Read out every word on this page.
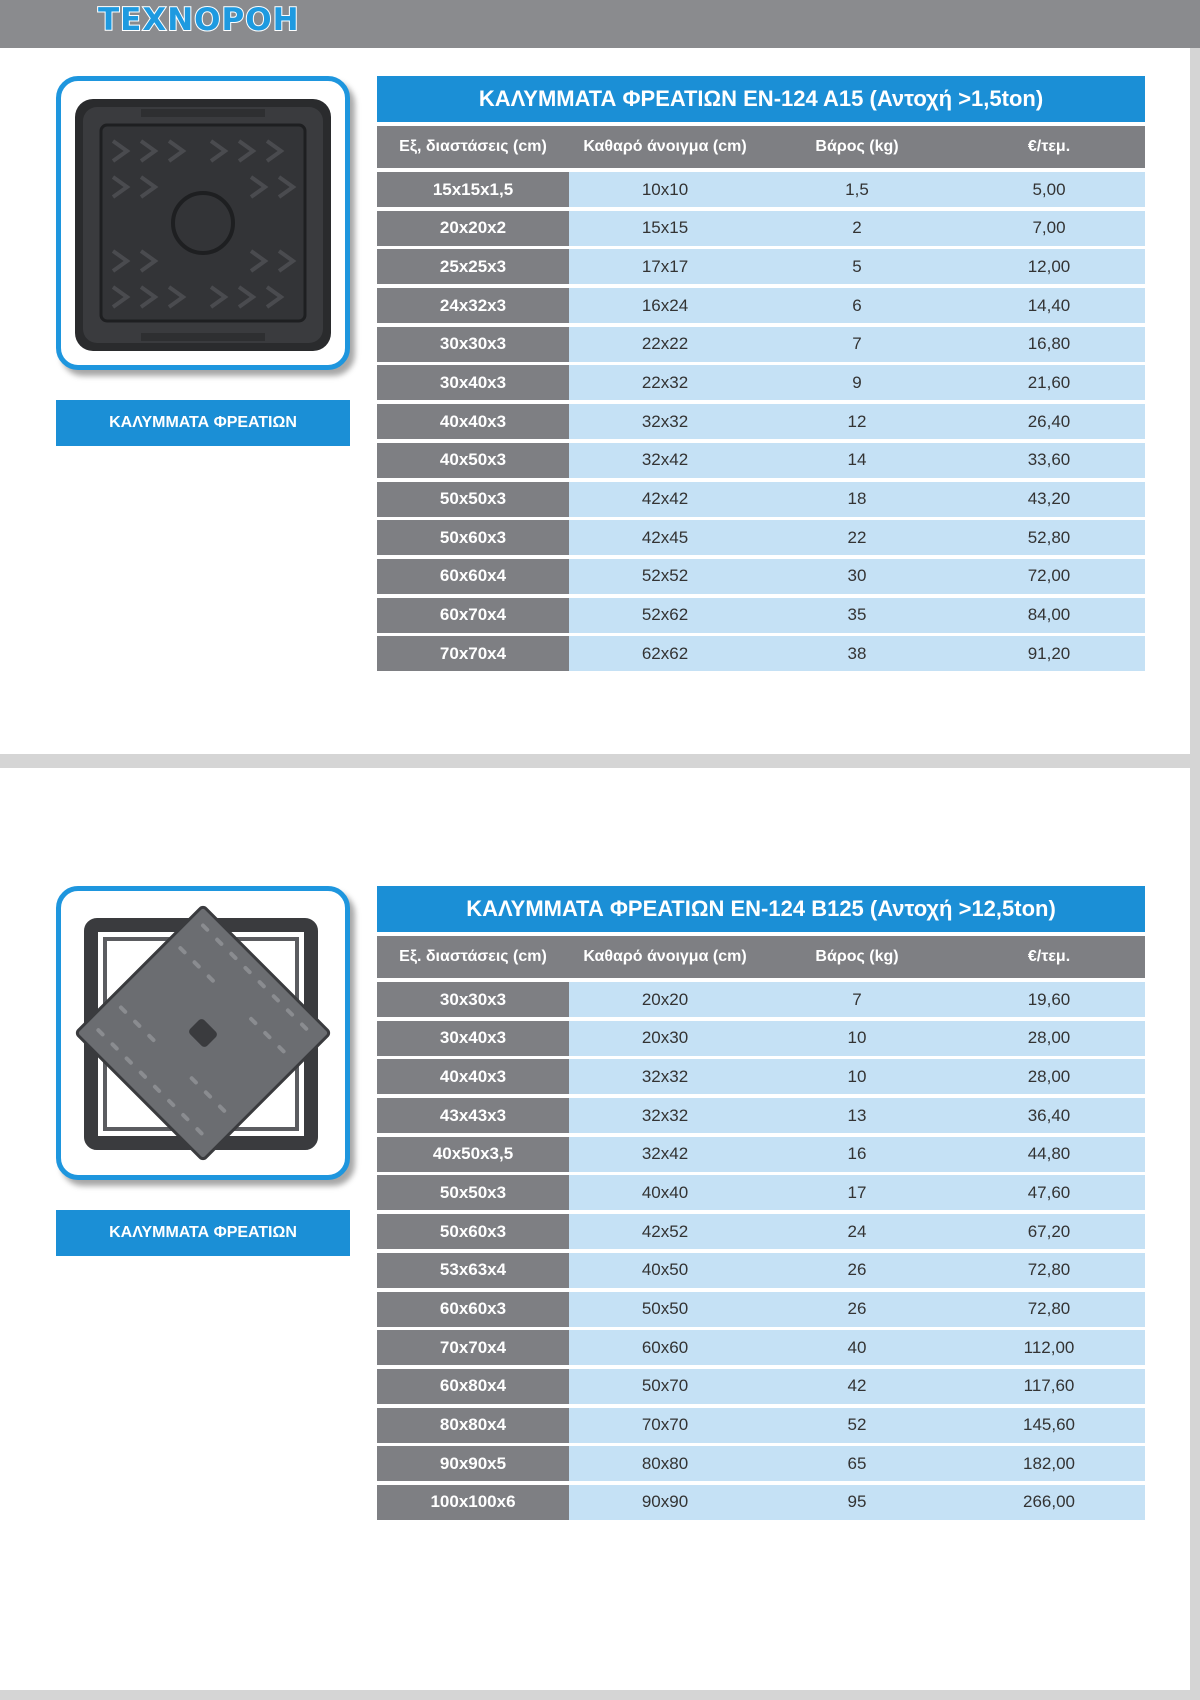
ΤΕΧΝΟΡΟΗ
ΚΑΛΥΜΜΑΤΑ ΦΡΕΑΤΙΩΝ
ΚΑΛΥΜΜΑΤΑ ΦΡΕΑΤΙΩΝ ΕΝ-124 Α15 (Αντοχή >1,5ton)
Εξ, διαστάσεις (cm)	Καθαρό άνοιγμα (cm)	Βάρος (kg)	€/τεμ.
15x15x1,5	10x10	1,5	5,00
20x20x2	15x15	2	7,00
25x25x3	17x17	5	12,00
24x32x3	16x24	6	14,40
30x30x3	22x22	7	16,80
30x40x3	22x32	9	21,60
40x40x3	32x32	12	26,40
40x50x3	32x42	14	33,60
50x50x3	42x42	18	43,20
50x60x3	42x45	22	52,80
60x60x4	52x52	30	72,00
60x70x4	52x62	35	84,00
70x70x4	62x62	38	91,20
ΚΑΛΥΜΜΑΤΑ ΦΡΕΑΤΙΩΝ
ΚΑΛΥΜΜΑΤΑ ΦΡΕΑΤΙΩΝ ΕΝ-124 Β125 (Αντοχή >12,5ton)
Εξ. διαστάσεις (cm)	Καθαρό άνοιγμα (cm)	Βάρος (kg)	€/τεμ.
30x30x3	20x20	7	19,60
30x40x3	20x30	10	28,00
40x40x3	32x32	10	28,00
43x43x3	32x32	13	36,40
40x50x3,5	32x42	16	44,80
50x50x3	40x40	17	47,60
50x60x3	42x52	24	67,20
53x63x4	40x50	26	72,80
60x60x3	50x50	26	72,80
70x70x4	60x60	40	112,00
60x80x4	50x70	42	117,60
80x80x4	70x70	52	145,60
90x90x5	80x80	65	182,00
100x100x6	90x90	95	266,00
